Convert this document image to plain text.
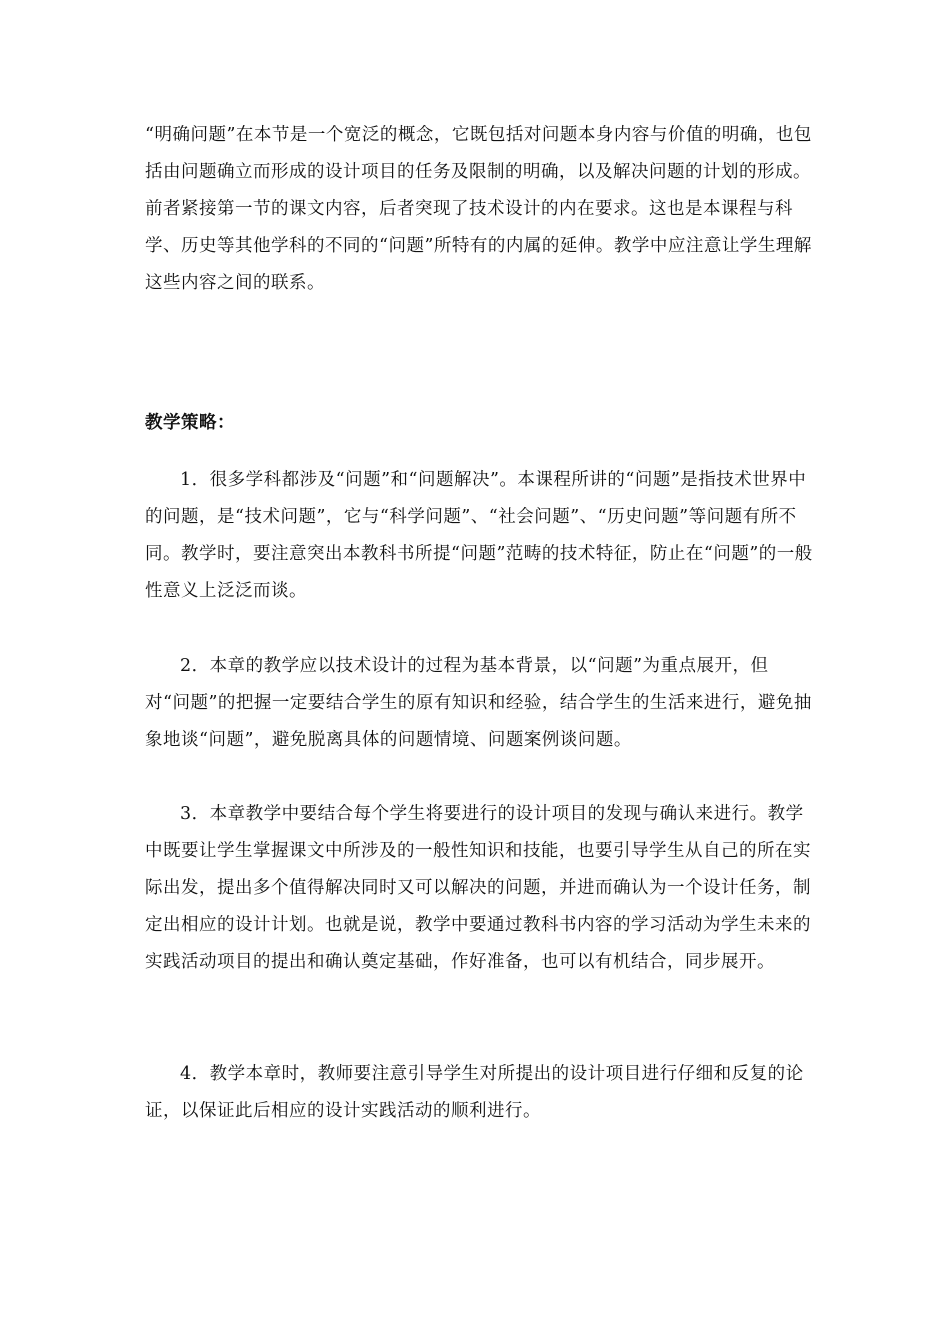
“明确问题”在本节是一个宽泛的概念，它既包括对问题本身内容与价值的明确，也包括由问题确立而形成的设计项目的任务及限制的明确，以及解决问题的计划的形成。前者紧接第一节的课文内容，后者突现了技术设计的内在要求。这也是本课程与科学、历史等其他学科的不同的“问题”所特有的内属的延伸。教学中应注意让学生理解这些内容之间的联系。

教学策略：

1．很多学科都涉及“问题”和“问题解决”。本课程所讲的“问题”是指技术世界中的问题，是“技术问题”，它与“科学问题”、“社会问题”、“历史问题”等问题有所不同。教学时，要注意突出本教科书所提“问题”范畴的技术特征，防止在“问题”的一般性意义上泛泛而谈。

2．本章的教学应以技术设计的过程为基本背景，以“问题”为重点展开，但对“问题”的把握一定要结合学生的原有知识和经验，结合学生的生活来进行，避免抽象地谈“问题”，避免脱离具体的问题情境、问题案例谈问题。

3．本章教学中要结合每个学生将要进行的设计项目的发现与确认来进行。教学中既要让学生掌握课文中所涉及的一般性知识和技能，也要引导学生从自己的所在实际出发，提出多个值得解决同时又可以解决的问题，并进而确认为一个设计任务，制定出相应的设计计划。也就是说，教学中要通过教科书内容的学习活动为学生未来的实践活动项目的提出和确认奠定基础，作好准备，也可以有机结合，同步展开。

4．教学本章时，教师要注意引导学生对所提出的设计项目进行仔细和反复的论证，以保证此后相应的设计实践活动的顺利进行。
